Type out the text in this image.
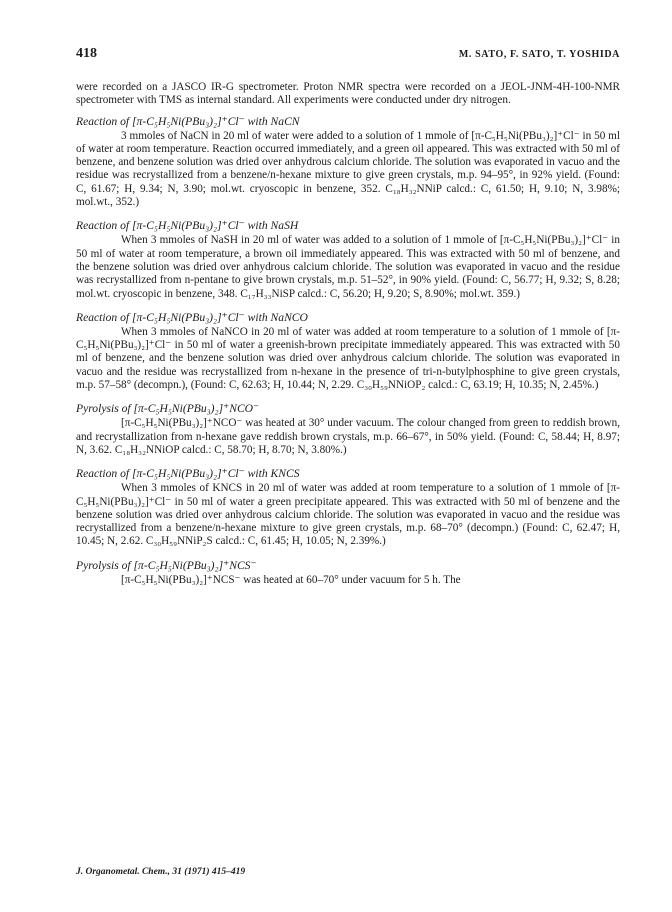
418	M. SATO, F. SATO, T. YOSHIDA

were recorded on a JASCO IR-G spectrometer. Proton NMR spectra were recorded on a JEOL-JNM-4H-100-NMR spectrometer with TMS as internal standard. All experiments were conducted under dry nitrogen.

Reaction of [π-C₅H₅Ni(PBu₃)₂]⁺Cl⁻ with NaCN

3 mmoles of NaCN in 20 ml of water were added to a solution of 1 mmole of [π-C₅H₅Ni(PBu₃)₂]⁺Cl⁻ in 50 ml of water at room temperature. Reaction occurred immediately, and a green oil appeared. This was extracted with 50 ml of benzene, and benzene solution was dried over anhydrous calcium chloride. The solution was evaporated in vacuo and the residue was recrystallized from a benzene/n-hexane mixture to give green crystals, m.p. 94–95°, in 92% yield. (Found: C, 61.67; H, 9.34; N, 3.90; mol.wt. cryoscopic in benzene, 352. C₁₈H₃₂NNiP calcd.: C, 61.50; H, 9.10; N, 3.98%; mol.wt., 352.)

Reaction of [π-C₅H₅Ni(PBu₃)₂]⁺Cl⁻ with NaSH

When 3 mmoles of NaSH in 20 ml of water was added to a solution of 1 mmole of [π-C₅H₅Ni(PBu₃)₂]⁺Cl⁻ in 50 ml of water at room temperature, a brown oil immediately appeared. This was extracted with 50 ml of benzene, and the benzene solution was dried over anhydrous calcium chloride. The solution was evaporated in vacuo and the residue was recrystallized from n-pentane to give brown crystals, m.p. 51–52°, in 90% yield. (Found: C, 56.77; H, 9.32; S, 8.28; mol.wt. cryoscopic in benzene, 348. C₁₇H₃₃NiSP calcd.: C, 56.20; H, 9.20; S, 8.90%; mol.wt. 359.)

Reaction of [π-C₅H₅Ni(PBu₃)₂]⁺Cl⁻ with NaNCO

When 3 mmoles of NaNCO in 20 ml of water was added at room temperature to a solution of 1 mmole of [π-C₅H₅Ni(PBu₃)₂]⁺Cl⁻ in 50 ml of water a greenish-brown precipitate immediately appeared. This was extracted with 50 ml of benzene, and the benzene solution was dried over anhydrous calcium chloride. The solution was evaporated in vacuo and the residue was recrystallized from n-hexane in the presence of tri-n-butylphosphine to give green crystals, m.p. 57–58° (decompn.), (Found: C, 62.63; H, 10.44; N, 2.29. C₃₀H₅₉NNiOP₂ calcd.: C, 63.19; H, 10.35; N, 2.45%.)

Pyrolysis of [π-C₅H₅Ni(PBu₃)₂]⁺NCO⁻

[π-C₅H₅Ni(PBu₃)₂]⁺NCO⁻ was heated at 30° under vacuum. The colour changed from green to reddish brown, and recrystallization from n-hexane gave reddish brown crystals, m.p. 66–67°, in 50% yield. (Found: C, 58.44; H, 8.97; N, 3.62. C₁₈H₃₂NNiOP calcd.: C, 58.70; H, 8.70; N, 3.80%.)

Reaction of [π-C₅H₅Ni(PBu₃)₂]⁺Cl⁻ with KNCS

When 3 mmoles of KNCS in 20 ml of water was added at room temperature to a solution of 1 mmole of [π-C₅H₅Ni(PBu₃)₂]⁺Cl⁻ in 50 ml of water a green precipitate appeared. This was extracted with 50 ml of benzene and the benzene solution was dried over anhydrous calcium chloride. The solution was evaporated in vacuo and the residue was recrystallized from a benzene/n-hexane mixture to give green crystals, m.p. 68–70° (decompn.) (Found: C, 62.47; H, 10.45; N, 2.62. C₃₀H₅₉NNiP₂S calcd.: C, 61.45; H, 10.05; N, 2.39%.)

Pyrolysis of [π-C₅H₅Ni(PBu₃)₂]⁺NCS⁻

[π-C₅H₅Ni(PBu₃)₂]⁺NCS⁻ was heated at 60–70° under vacuum for 5 h. The

J. Organometal. Chem., 31 (1971) 415–419
